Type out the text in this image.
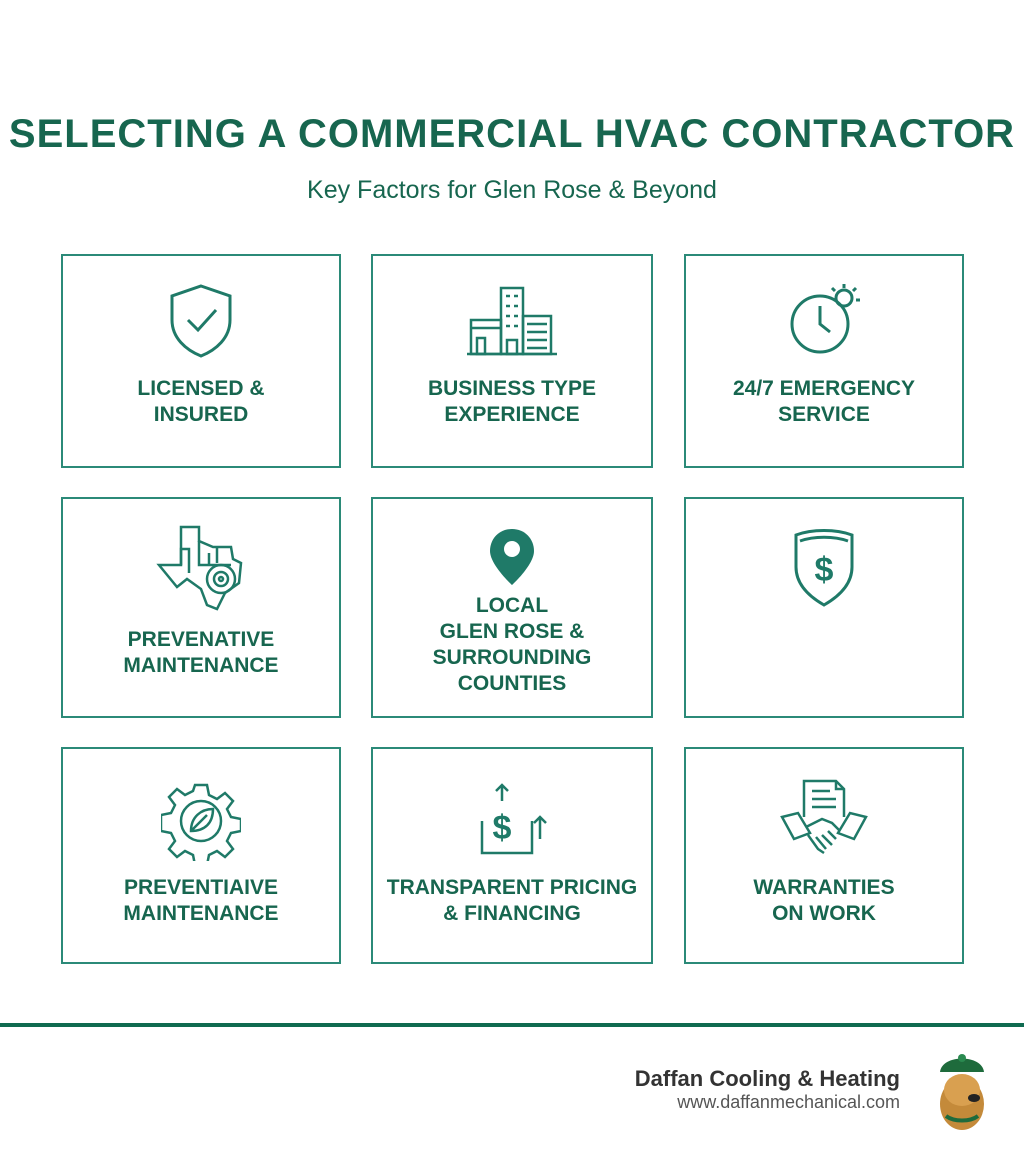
SELECTING A COMMERCIAL HVAC CONTRACTOR
Key Factors for Glen Rose & Beyond
LICENSED &
INSURED
BUSINESS TYPE
EXPERIENCE
24/7 EMERGENCY
SERVICE
PREVENATIVE
MAINTENANCE
LOCAL
GLEN ROSE &
SURROUNDING
COUNTIES
$
PREVENTIAIVE
MAINTENANCE
$
TRANSPARENT PRICING
& FINANCING
WARRANTIES
ON WORK
Daffan Cooling & Heating
www.daffanmechanical.com
